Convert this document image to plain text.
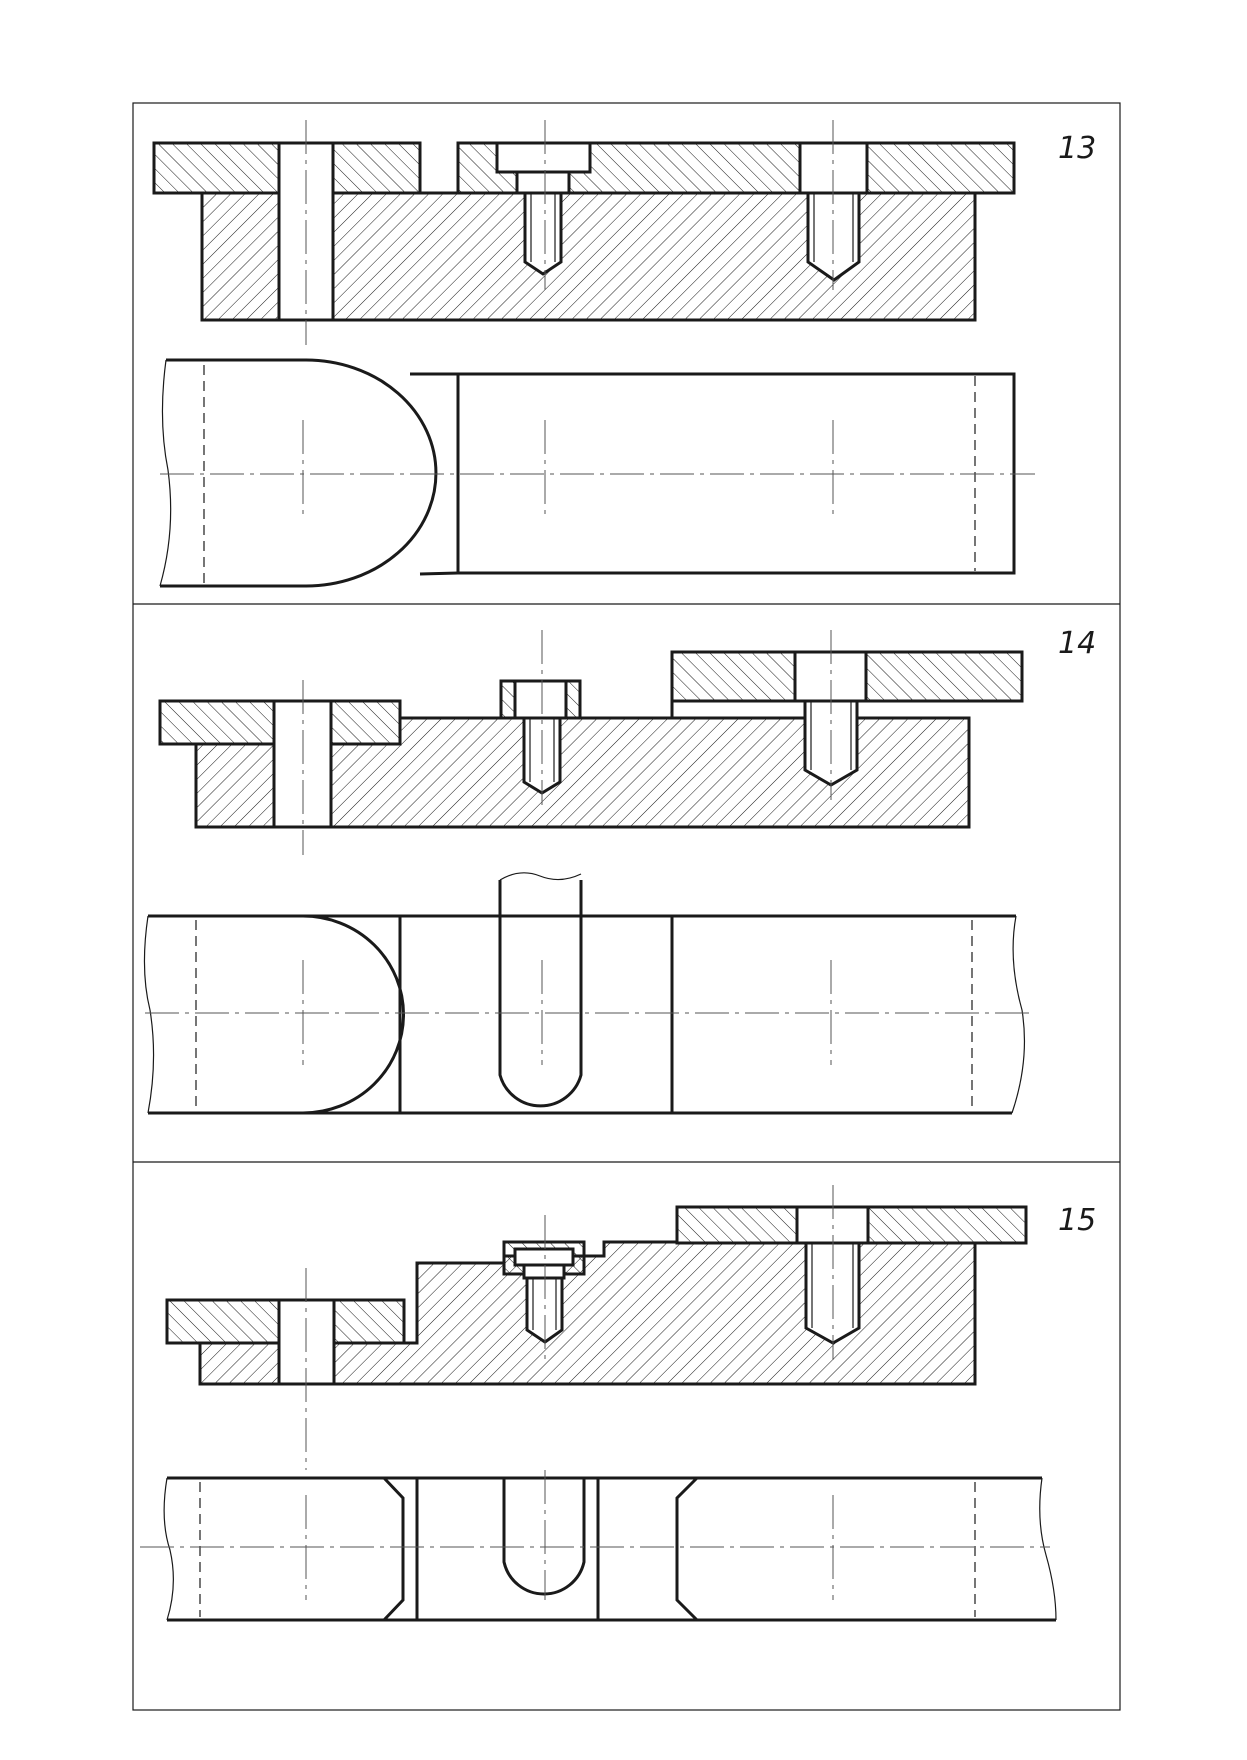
13
14
15
